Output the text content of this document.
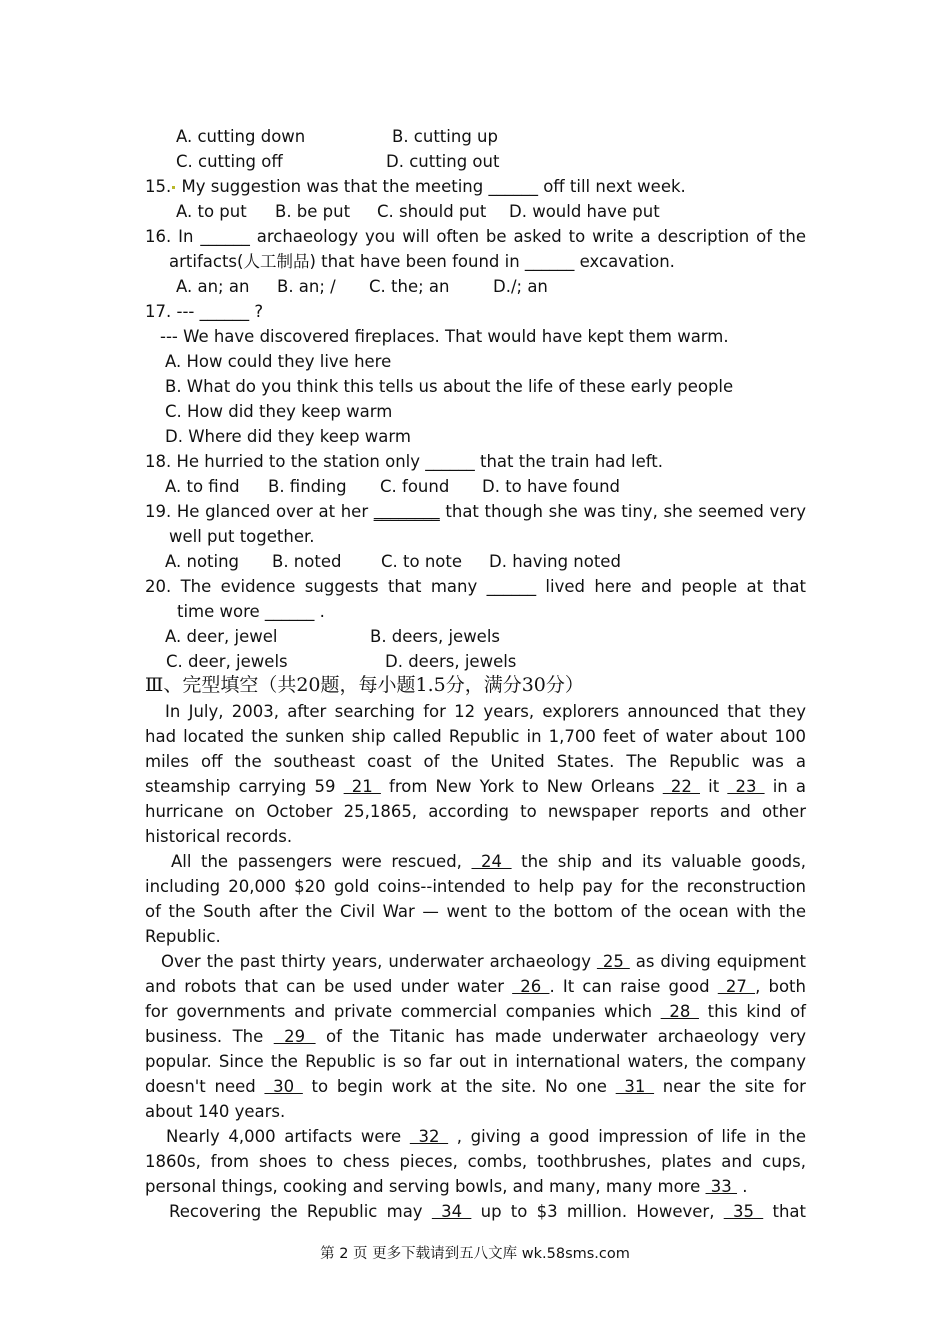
A. cutting down	B. cutting up
C. cutting off	D. cutting out
15. My suggestion was that the meeting ______ off till next week.
A. to put B. be put C. should put D. would have put
16. In ______ archaeology you will often be asked to write a description of the
artifacts(人工制品) that have been found in ______ excavation.
A. an; an B. an; / C. the; an	D./; an
17. --- ______ ?
--- We have discovered fireplaces. That would have kept them warm.
A. How could they live here
B. What do you think this tells us about the life of these early people
C. How did they keep warm
D. Where did they keep warm
18. He hurried to the station only ______ that the train had left.
A. to find B. finding C. found D. to have found
19. He glanced over at her ________ that though she was tiny, she seemed very
well put together.
A. noting B. noted C. to note D. having noted
20. The evidence suggests that many ______ lived here and people at that
time wore ______ .
A. deer, jewel	B. deers, jewels
C. deer, jewels	D. deers, jewels
Ⅲ、完型填空（共20题，每小题1.5分，满分30分）
In July, 2003, after searching for 12 years, explorers announced that they
had located the sunken ship called Republic in 1,700 feet of water about 100
miles off the southeast coast of the United States. The Republic was a
steamship carrying 59  21  from New York to New Orleans  22  it  23  in a
hurricane on October 25,1865, according to newspaper reports and other
historical records.
All the passengers were rescued,  24  the ship and its valuable goods,
including 20,000 $20 gold coins--intended to help pay for the reconstruction
of the South after the Civil War — went to the bottom of the ocean with the
Republic.
Over the past thirty years, underwater archaeology  25  as diving equipment
and robots that can be used under water  26 . It can raise good  27 , both
for governments and private commercial companies which  28  this kind of
business. The  29  of the Titanic has made underwater archaeology very
popular. Since the Republic is so far out in international waters, the company
doesn't need  30  to begin work at the site. No one  31  near the site for
about 140 years.
Nearly 4,000 artifacts were  32  , giving a good impression of life in the
1860s, from shoes to chess pieces, combs, toothbrushes, plates and cups,
personal things, cooking and serving bowls, and many, many more  33  .
Recovering the Republic may  34  up to $3 million. However,  35  that
第 2 页 更多下载请到五八文库 wk.58sms.com
